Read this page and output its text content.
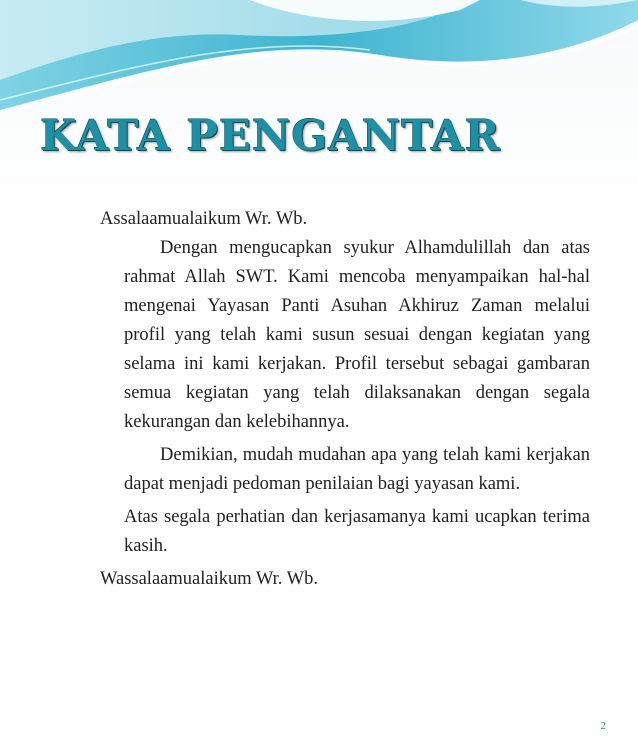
KATA PENGANTAR

Assalaamualaikum Wr. Wb.

Dengan mengucapkan syukur Alhamdulillah dan atas rahmat Allah SWT. Kami mencoba menyampaikan hal-hal mengenai Yayasan Panti Asuhan Akhiruz Zaman melalui profil yang telah kami susun sesuai dengan kegiatan yang selama ini kami kerjakan. Profil tersebut sebagai gambaran semua kegiatan yang telah dilaksanakan dengan segala kekurangan dan kelebihannya.

Demikian, mudah mudahan apa yang telah kami kerjakan dapat menjadi pedoman penilaian bagi yayasan kami.

Atas segala perhatian dan kerjasamanya kami ucapkan terima kasih.

Wassalaamualaikum Wr. Wb.

2
